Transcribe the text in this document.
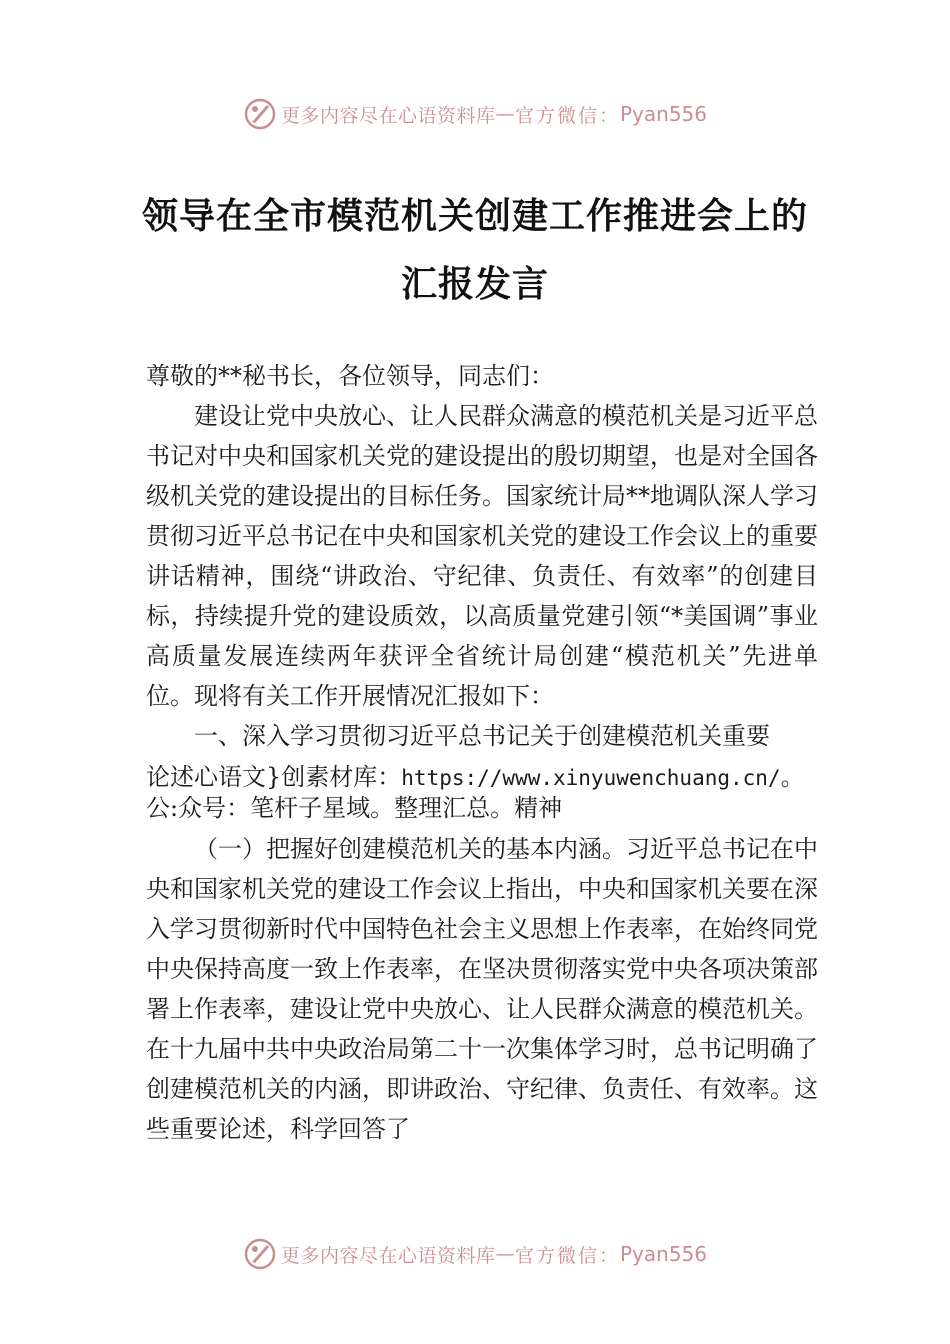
更多内容尽在心语资料库 — 官方微信： Pyan556
领导在全市模范机关创建工作推进会上的
汇报发言

尊敬的**秘书长，各位领导，同志们：

建设让党中央放心、让人民群众满意的模范机关是习近平总书记对中央和国家机关党的建设提出的殷切期望，也是对全国各级机关党的建设提出的目标任务。国家统计局**地调队深人学习贯彻习近平总书记在中央和国家机关党的建设工作会议上的重要讲话精神，围绕“讲政治、守纪律、负责任、有效率”的创建目标，持续提升党的建设质效，以高质量党建引领“*美国调”事业高质量发展连续两年获评全省统计局创建“模范机关”先进单位。现将有关工作开展情况汇报如下：

一、深入学习贯彻习近平总书记关于创建模范机关重要

论述心语文}创素材库：https://www.xinyuwenchuang.cn/。
公:众号：笔杆子星域。整理汇总。精神

（一）把握好创建模范机关的基本内涵。习近平总书记在中央和国家机关党的建设工作会议上指出，中央和国家机关要在深入学习贯彻新时代中国特色社会主义思想上作表率，在始终同党中央保持高度一致上作表率，在坚决贯彻落实党中央各项决策部署上作表率，建设让党中央放心、让人民群众满意的模范机关。在十九届中共中央政治局第二十一次集体学习时，总书记明确了创建模范机关的内涵，即讲政治、守纪律、负责任、有效率。这些重要论述，科学回答了

更多内容尽在心语资料库 — 官方微信： Pyan556
